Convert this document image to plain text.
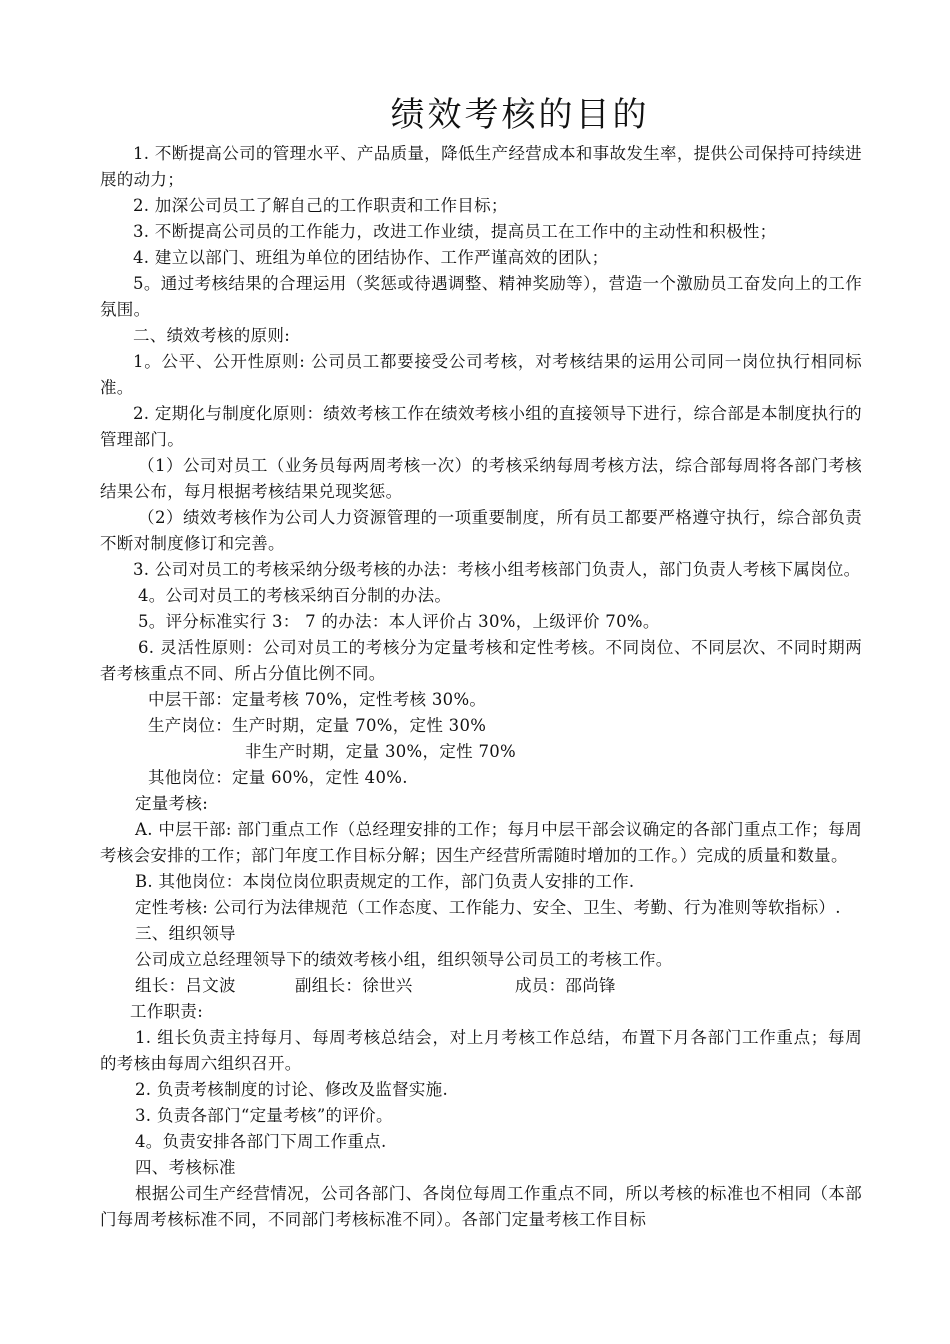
绩效考核的目的

1. 不断提高公司的管理水平、产品质量，降低生产经营成本和事故发生率，提供公司保持可持续进展的动力；

2. 加深公司员工了解自己的工作职责和工作目标；

3. 不断提高公司员的工作能力，改进工作业绩，提高员工在工作中的主动性和积极性；

4. 建立以部门、班组为单位的团结协作、工作严谨高效的团队；

5。通过考核结果的合理运用（奖惩或待遇调整、精神奖励等），营造一个激励员工奋发向上的工作氛围。

二、绩效考核的原则:

1。公平、公开性原则: 公司员工都要接受公司考核，对考核结果的运用公司同一岗位执行相同标准。

2. 定期化与制度化原则：绩效考核工作在绩效考核小组的直接领导下进行，综合部是本制度执行的管理部门。

（1）公司对员工（业务员每两周考核一次）的考核采纳每周考核方法，综合部每周将各部门考核结果公布，每月根据考核结果兑现奖惩。

（2）绩效考核作为公司人力资源管理的一项重要制度，所有员工都要严格遵守执行，综合部负责不断对制度修订和完善。

3. 公司对员工的考核采纳分级考核的办法：考核小组考核部门负责人，部门负责人考核下属岗位。

4。公司对员工的考核采纳百分制的办法。

5。评分标准实行 3： 7 的办法：本人评价占 30%，上级评价 70%。

6. 灵活性原则：公司对员工的考核分为定量考核和定性考核。不同岗位、不同层次、不同时期两者考核重点不同、所占分值比例不同。

中层干部：定量考核 70%，定性考核 30%。

生产岗位：生产时期，定量 70%，定性 30%

非生产时期，定量 30%，定性 70%

其他岗位：定量 60%，定性 40%.

定量考核:

A. 中层干部: 部门重点工作（总经理安排的工作；每月中层干部会议确定的各部门重点工作；每周考核会安排的工作；部门年度工作目标分解；因生产经营所需随时增加的工作。）完成的质量和数量。

B. 其他岗位：本岗位岗位职责规定的工作，部门负责人安排的工作.

定性考核: 公司行为法律规范（工作态度、工作能力、安全、卫生、考勤、行为准则等软指标）.

三、组织领导

公司成立总经理领导下的绩效考核小组，组织领导公司员工的考核工作。

组长：吕文波	副组长：徐世兴	成员：邵尚锋

工作职责:

1. 组长负责主持每月、每周考核总结会，对上月考核工作总结，布置下月各部门工作重点；每周的考核由每周六组织召开。

2. 负责考核制度的讨论、修改及监督实施.

3. 负责各部门“定量考核”的评价。

4。负责安排各部门下周工作重点.

四、考核标准

根据公司生产经营情况，公司各部门、各岗位每周工作重点不同，所以考核的标准也不相同（本部门每周考核标准不同，不同部门考核标准不同）。各部门定量考核工作目标
